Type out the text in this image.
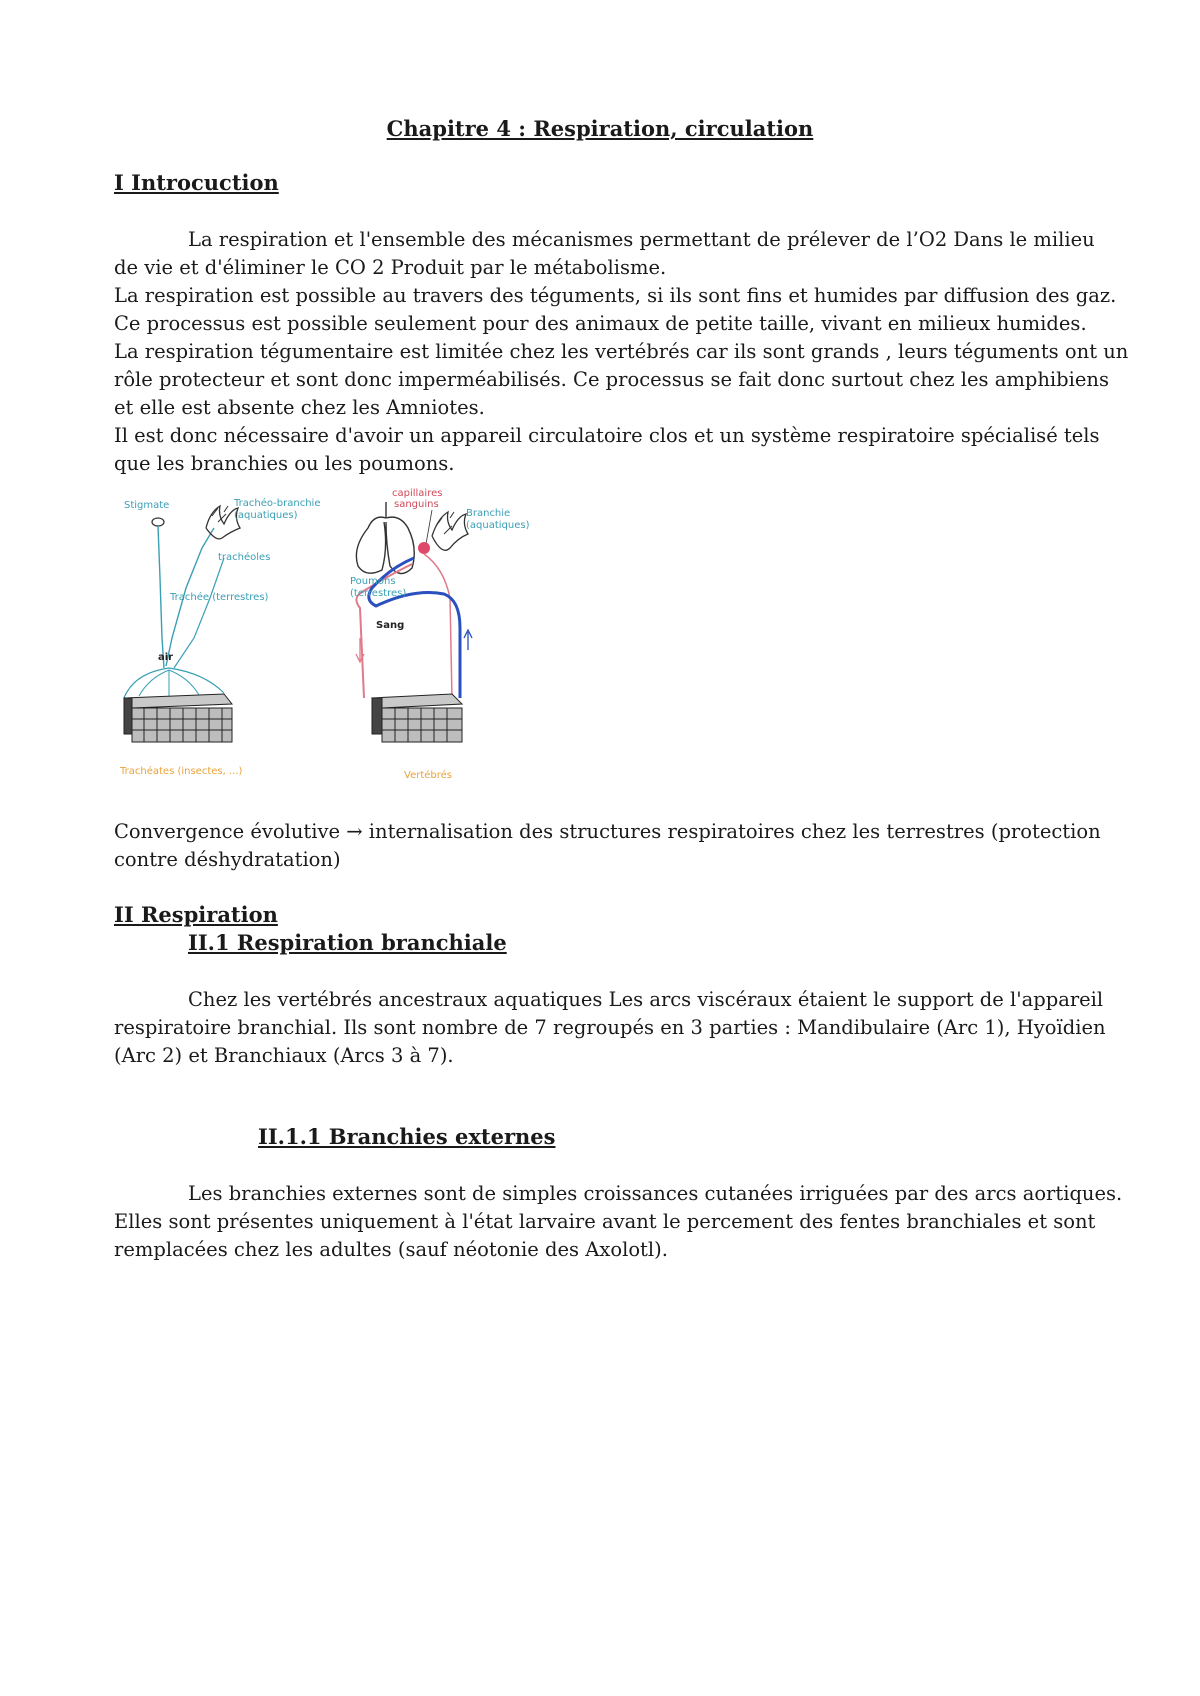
Chapitre 4 : Respiration, circulation
I Introcuction
La respiration et l'ensemble des mécanismes permettant de prélever de l’O2 Dans le milieu
de vie et d'éliminer le CO 2 Produit par le métabolisme.
La respiration est possible au travers des téguments, si ils sont fins et humides par diffusion des gaz.
Ce processus est possible seulement pour des animaux de petite taille, vivant en milieux humides.
La respiration tégumentaire est limitée chez les vertébrés car ils sont grands , leurs téguments ont un
rôle protecteur et sont donc imperméabilisés. Ce processus se fait donc surtout chez les amphibiens
et elle est absente chez les Amniotes.
Il est donc nécessaire d'avoir un appareil circulatoire clos et un système respiratoire spécialisé tels
que les branchies ou les poumons.
Stigmate	Trachéo-branchie
(aquatiques)
trachéoles
Trachée (terrestres)
air
Trachéates (insectes, ...)
capillaires
sanguins
Branchie
(aquatiques)
Poumons
(terrestres)
Sang
Vertébrés
Convergence évolutive → internalisation des structures respiratoires chez les terrestres (protection
contre déshydratation)
II Respiration
II.1 Respiration branchiale
Chez les vertébrés ancestraux aquatiques Les arcs viscéraux étaient le support de l'appareil
respiratoire branchial. Ils sont nombre de 7 regroupés en 3 parties : Mandibulaire (Arc 1), Hyoïdien
(Arc 2) et Branchiaux (Arcs 3 à 7).
II.1.1 Branchies externes
Les branchies externes sont de simples croissances cutanées irriguées par des arcs aortiques.
Elles sont présentes uniquement à l'état larvaire avant le percement des fentes branchiales et sont
remplacées chez les adultes (sauf néotonie des Axolotl).
